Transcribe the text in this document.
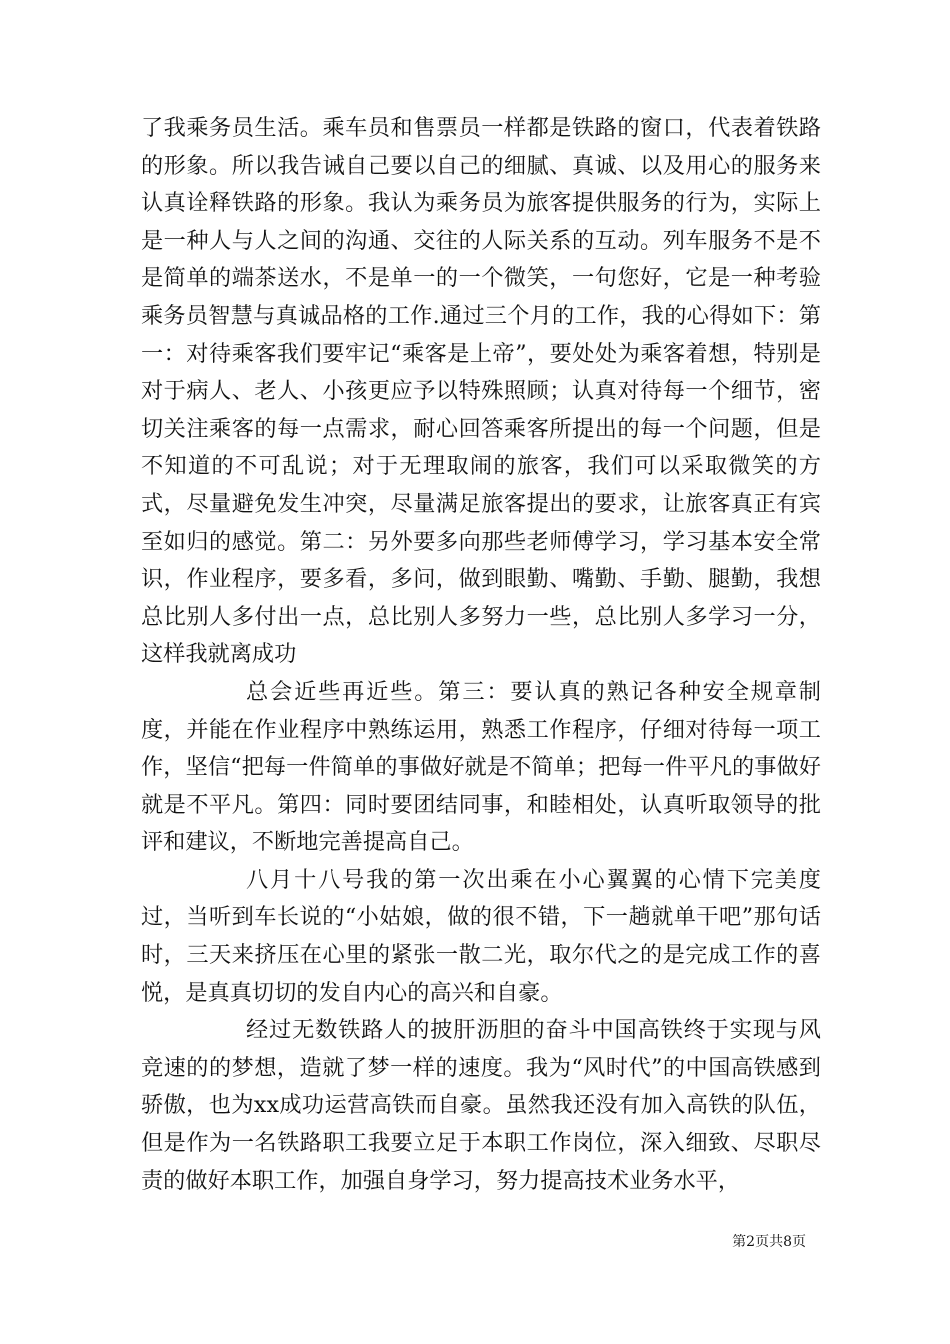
了我乘务员生活。乘车员和售票员一样都是铁路的窗口，代表着铁路的形象。所以我告诫自己要以自己的细腻、真诚、以及用心的服务来认真诠释铁路的形象。我认为乘务员为旅客提供服务的行为，实际上是一种人与人之间的沟通、交往的人际关系的互动。列车服务不是不是简单的端茶送水，不是单一的一个微笑，一句您好，它是一种考验乘务员智慧与真诚品格的工作.通过三个月的工作，我的心得如下：第一：对待乘客我们要牢记“乘客是上帝”，要处处为乘客着想，特别是对于病人、老人、小孩更应予以特殊照顾；认真对待每一个细节，密切关注乘客的每一点需求，耐心回答乘客所提出的每一个问题，但是不知道的不可乱说；对于无理取闹的旅客，我们可以采取微笑的方式，尽量避免发生冲突，尽量满足旅客提出的要求，让旅客真正有宾至如归的感觉。第二：另外要多向那些老师傅学习，学习基本安全常识，作业程序，要多看，多问，做到眼勤、嘴勤、手勤、腿勤，我想总比别人多付出一点，总比别人多努力一些，总比别人多学习一分，这样我就离成功

总会近些再近些。第三：要认真的熟记各种安全规章制度，并能在作业程序中熟练运用，熟悉工作程序，仔细对待每一项工作，坚信“把每一件简单的事做好就是不简单；把每一件平凡的事做好就是不平凡。第四：同时要团结同事，和睦相处，认真听取领导的批评和建议，不断地完善提高自己。

八月十八号我的第一次出乘在小心翼翼的心情下完美度过，当听到车长说的“小姑娘，做的很不错，下一趟就单干吧”那句话时，三天来挤压在心里的紧张一散二光，取尔代之的是完成工作的喜悦，是真真切切的发自内心的高兴和自豪。

经过无数铁路人的披肝沥胆的奋斗中国高铁终于实现与风竞速的的梦想，造就了梦一样的速度。我为“风时代”的中国高铁感到骄傲，也为xx成功运营高铁而自豪。虽然我还没有加入高铁的队伍，但是作为一名铁路职工我要立足于本职工作岗位，深入细致、尽职尽责的做好本职工作，加强自身学习，努力提高技术业务水平，

第2页共8页
